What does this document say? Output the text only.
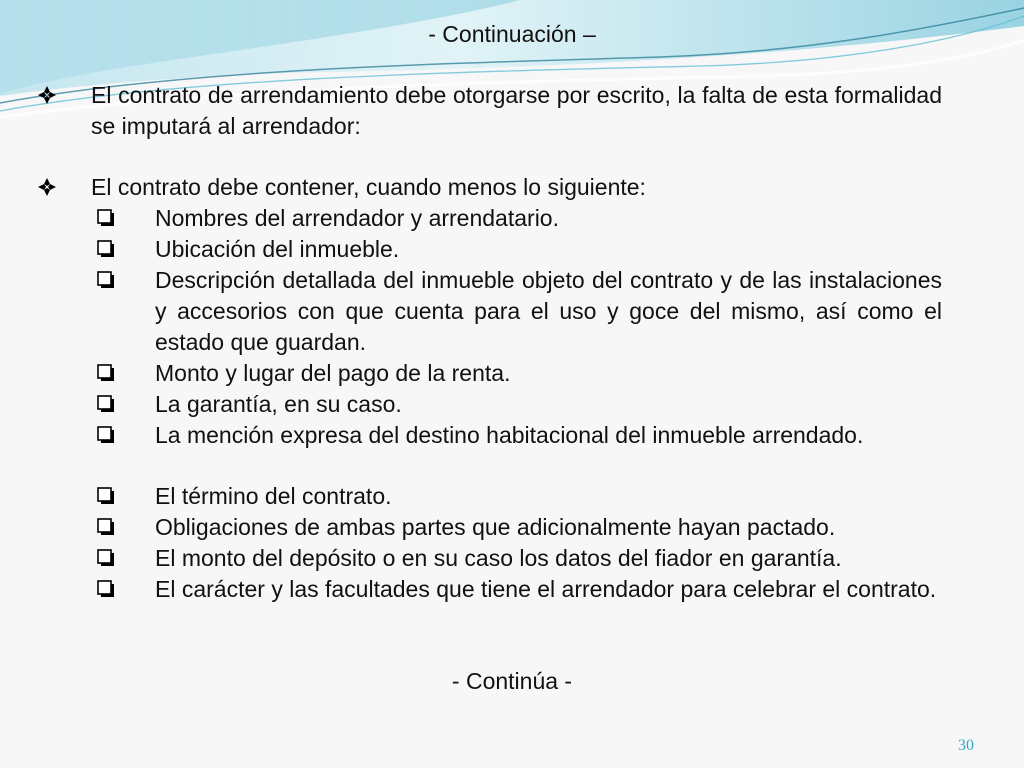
- Continuación –
El contrato de arrendamiento debe otorgarse por escrito, la falta de esta formalidad se imputará al arrendador:
El contrato debe contener, cuando menos lo siguiente:
Nombres del arrendador y arrendatario.
Ubicación del inmueble.
Descripción detallada del inmueble objeto del contrato y de las instalaciones y accesorios con que cuenta para el uso y goce del mismo, así como el estado que guardan.
Monto y lugar del pago de la renta.
La garantía, en su caso.
La mención expresa del destino habitacional del inmueble arrendado.
El término del contrato.
Obligaciones de ambas partes que adicionalmente hayan pactado.
El monto del depósito o en su caso los datos del fiador en garantía.
El carácter y las facultades que tiene el arrendador para celebrar el contrato.
- Continúa -
30
